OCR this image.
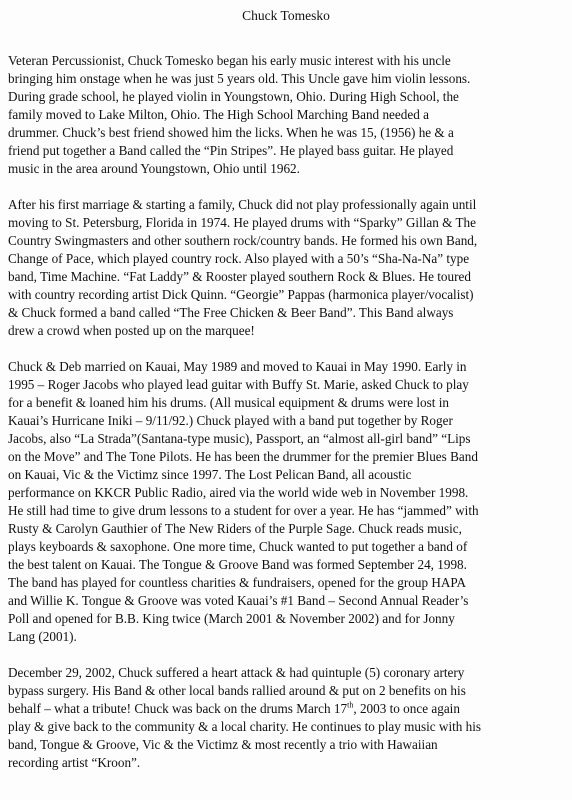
Chuck Tomesko

Veteran Percussionist, Chuck Tomesko began his early music interest with his uncle
bringing him onstage when he was just 5 years old. This Uncle gave him violin lessons.
During grade school, he played violin in Youngstown, Ohio. During High School, the
family moved to Lake Milton, Ohio. The High School Marching Band needed a
drummer. Chuck’s best friend showed him the licks. When he was 15, (1956) he & a
friend put together a Band called the “Pin Stripes”. He played bass guitar. He played
music in the area around Youngstown, Ohio until 1962.

After his first marriage & starting a family, Chuck did not play professionally again until
moving to St. Petersburg, Florida in 1974. He played drums with “Sparky” Gillan & The
Country Swingmasters and other southern rock/country bands. He formed his own Band,
Change of Pace, which played country rock. Also played with a 50’s “Sha-Na-Na” type
band, Time Machine. “Fat Laddy” & Rooster played southern Rock & Blues. He toured
with country recording artist Dick Quinn. “Georgie” Pappas (harmonica player/vocalist)
& Chuck formed a band called “The Free Chicken & Beer Band”. This Band always
drew a crowd when posted up on the marquee!

Chuck & Deb married on Kauai, May 1989 and moved to Kauai in May 1990. Early in
1995 – Roger Jacobs who played lead guitar with Buffy St. Marie, asked Chuck to play
for a benefit & loaned him his drums. (All musical equipment & drums were lost in
Kauai’s Hurricane Iniki – 9/11/92.) Chuck played with a band put together by Roger
Jacobs, also “La Strada”(Santana-type music), Passport, an “almost all-girl band” “Lips
on the Move” and The Tone Pilots. He has been the drummer for the premier Blues Band
on Kauai, Vic & the Victimz since 1997. The Lost Pelican Band, all acoustic
performance on KKCR Public Radio, aired via the world wide web in November 1998.
He still had time to give drum lessons to a student for over a year. He has “jammed” with
Rusty & Carolyn Gauthier of The New Riders of the Purple Sage. Chuck reads music,
plays keyboards & saxophone. One more time, Chuck wanted to put together a band of
the best talent on Kauai. The Tongue & Groove Band was formed September 24, 1998.
The band has played for countless charities & fundraisers, opened for the group HAPA
and Willie K. Tongue & Groove was voted Kauai’s #1 Band – Second Annual Reader’s
Poll and opened for B.B. King twice (March 2001 & November 2002) and for Jonny
Lang (2001).

December 29, 2002, Chuck suffered a heart attack & had quintuple (5) coronary artery
bypass surgery. His Band & other local bands rallied around & put on 2 benefits on his
behalf – what a tribute! Chuck was back on the drums March 17th, 2003 to once again
play & give back to the community & a local charity. He continues to play music with his
band, Tongue & Groove, Vic & the Victimz & most recently a trio with Hawaiian
recording artist “Kroon”.
